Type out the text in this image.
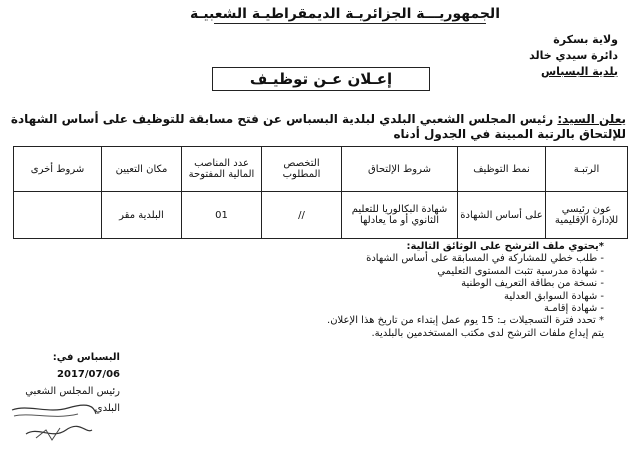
الجمهوريـــة الجزائريـة الديمقراطيـة الشعبيـة
ولاية بسكرة
دائرة سيدي خالد
بلدية البسباس
إعـلان عـن توظيـف
يعلن السيد: رئيس المجلس الشعبي البلدي لبلدية البسباس عن فتح مسابقة للتوظيف على أساس الشهادة للإلتحاق بالرتبة المبينة في الجدول أدناه
الرتبـة	نمط التوظيف	شروط الإلتحاق	التخصص المطلوب	عدد المناصب المالية المفتوحة	مكان التعيين	شروط أخرى
عون رئيسي للإدارة الإقليمية	على أساس الشهادة	شهادة البكالوريا للتعليم الثانوي أو ما يعادلها	//	01	البلدية مقر	
*يحتوي ملف الترشح على الوثائق التالية:
- طلب خطي للمشاركة في المسابقة على أساس الشهادة
- شهادة مدرسية تثبت المستوى التعليمي
- نسخة من بطاقة التعريف الوطنية
- شهادة السوابق العدلية
- شهادة إقامـة
* تحدد فترة التسجيلات بـ: 15 يوم عمل إبتداء من تاريخ هذا الإعلان.
يتم إيداع ملفات الترشح لدى مكتب المستخدمين بالبلدية.
البسباس في: 2017/07/06
رئيس المجلس الشعبي البلدي
